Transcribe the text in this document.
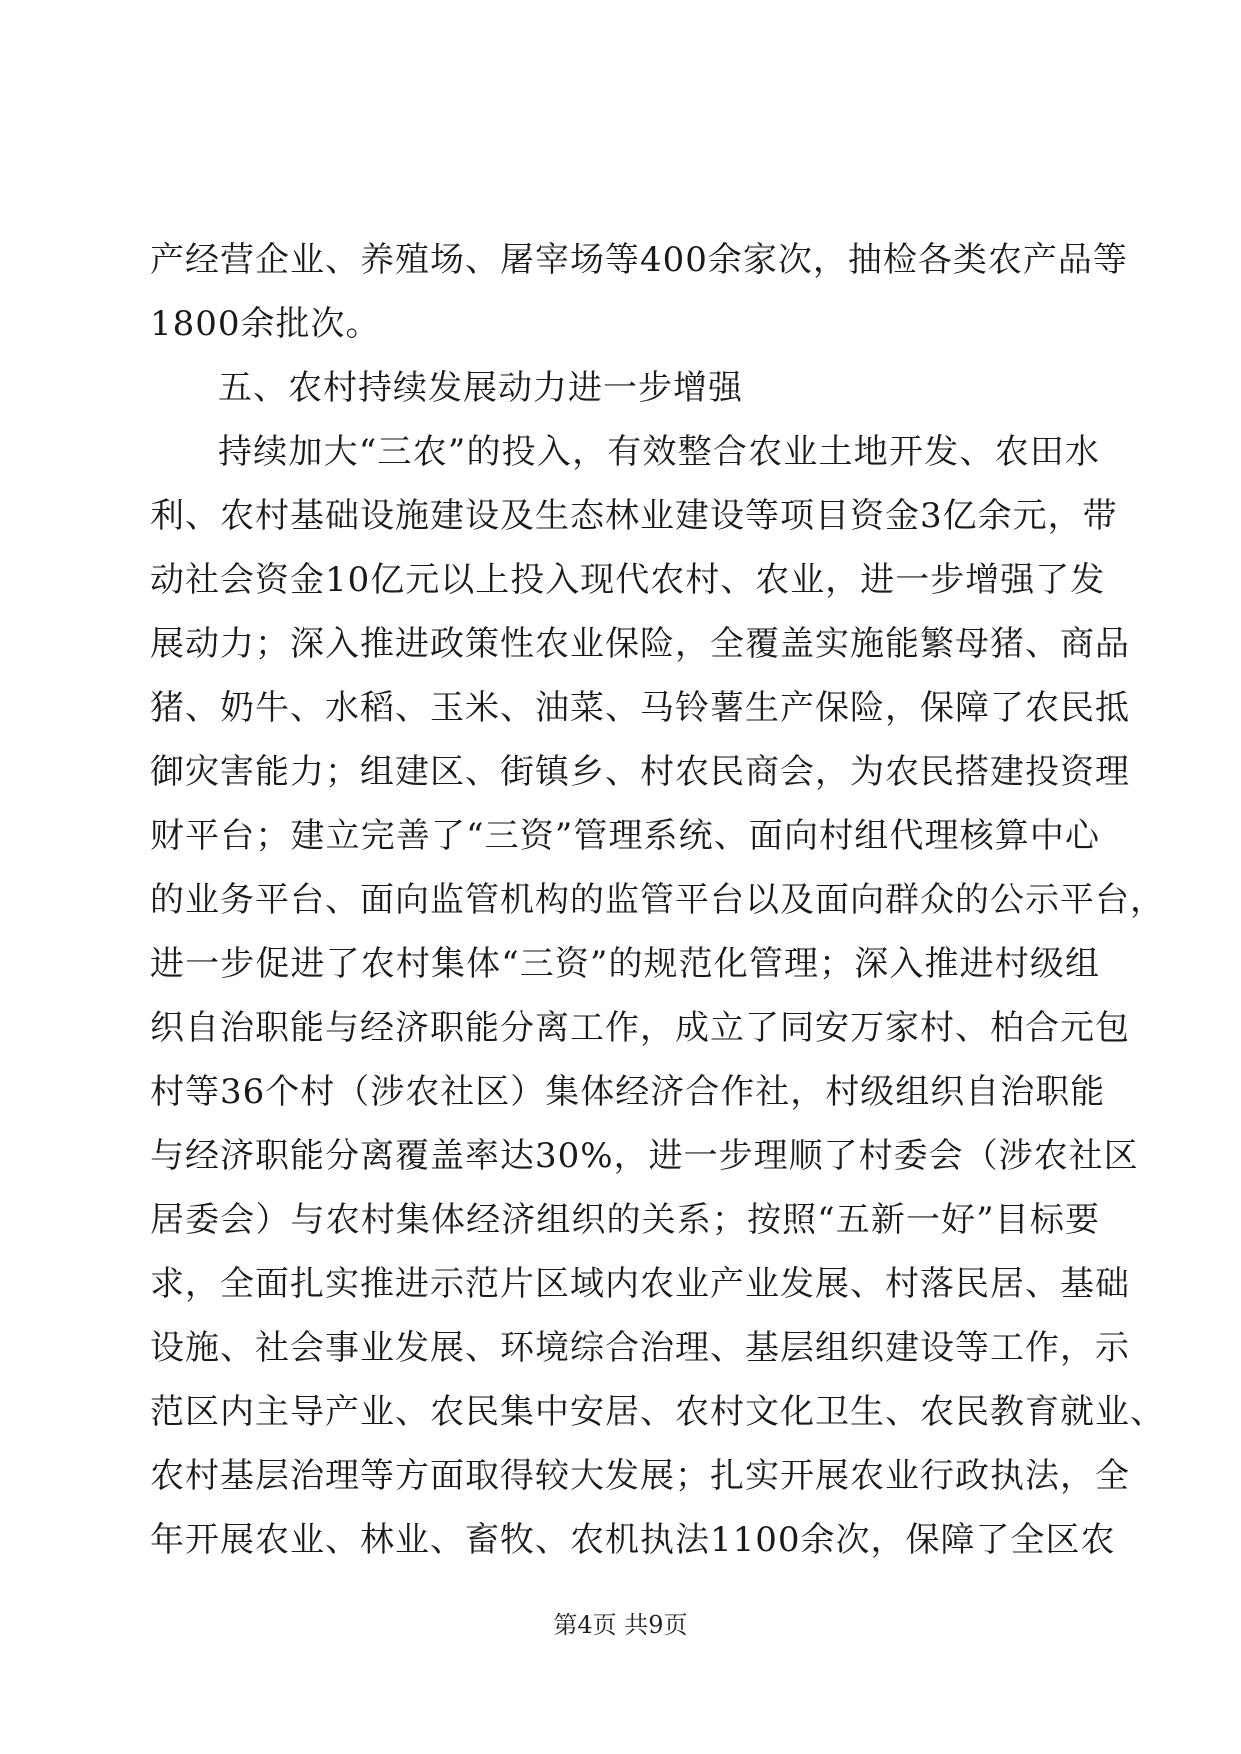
产经营企业、养殖场、屠宰场等400余家次，抽检各类农产品等
1800余批次。
五、农村持续发展动力进一步增强
持续加大“三农”的投入，有效整合农业土地开发、农田水
利、农村基础设施建设及生态林业建设等项目资金3亿余元，带
动社会资金10亿元以上投入现代农村、农业，进一步增强了发
展动力；深入推进政策性农业保险，全覆盖实施能繁母猪、商品
猪、奶牛、水稻、玉米、油菜、马铃薯生产保险，保障了农民抵
御灾害能力；组建区、街镇乡、村农民商会，为农民搭建投资理
财平台；建立完善了“三资”管理系统、面向村组代理核算中心
的业务平台、面向监管机构的监管平台以及面向群众的公示平台，
进一步促进了农村集体“三资”的规范化管理；深入推进村级组
织自治职能与经济职能分离工作，成立了同安万家村、柏合元包
村等36个村（涉农社区）集体经济合作社，村级组织自治职能
与经济职能分离覆盖率达30%，进一步理顺了村委会（涉农社区
居委会）与农村集体经济组织的关系；按照“五新一好”目标要
求，全面扎实推进示范片区域内农业产业发展、村落民居、基础
设施、社会事业发展、环境综合治理、基层组织建设等工作，示
范区内主导产业、农民集中安居、农村文化卫生、农民教育就业、
农村基层治理等方面取得较大发展；扎实开展农业行政执法，全
年开展农业、林业、畜牧、农机执法1100余次，保障了全区农
第4页 共9页
